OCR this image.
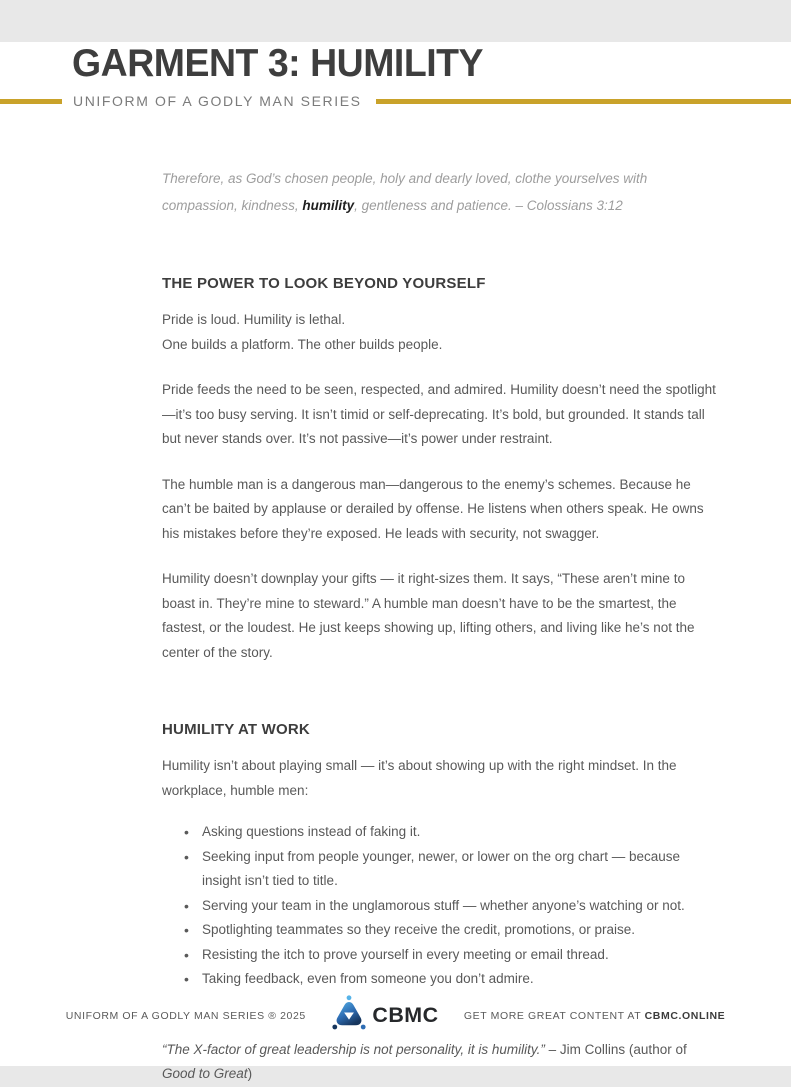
GARMENT 3: HUMILITY
UNIFORM OF A GODLY MAN SERIES
Therefore, as God’s chosen people, holy and dearly loved, clothe yourselves with compassion, kindness, humility, gentleness and patience. – Colossians 3:12
THE POWER TO LOOK BEYOND YOURSELF
Pride is loud. Humility is lethal.
One builds a platform. The other builds people.
Pride feeds the need to be seen, respected, and admired. Humility doesn’t need the spotlight—it’s too busy serving. It isn’t timid or self-deprecating. It’s bold, but grounded. It stands tall but never stands over. It’s not passive—it’s power under restraint.
The humble man is a dangerous man—dangerous to the enemy’s schemes. Because he can’t be baited by applause or derailed by offense. He listens when others speak. He owns his mistakes before they’re exposed. He leads with security, not swagger.
Humility doesn’t downplay your gifts — it right-sizes them. It says, “These aren’t mine to boast in. They’re mine to steward.” A humble man doesn’t have to be the smartest, the fastest, or the loudest. He just keeps showing up, lifting others, and living like he’s not the center of the story.
HUMILITY AT WORK
Humility isn’t about playing small — it’s about showing up with the right mindset. In the workplace, humble men:
• Asking questions instead of faking it.
• Seeking input from people younger, newer, or lower on the org chart — because insight isn’t tied to title.
• Serving your team in the unglamorous stuff — whether anyone’s watching or not.
• Spotlighting teammates so they receive the credit, promotions, or praise.
• Resisting the itch to prove yourself in every meeting or email thread.
• Taking feedback, even from someone you don’t admire.
“The X-factor of great leadership is not personality, it is humility.” – Jim Collins (author of Good to Great)
UNIFORM OF A GODLY MAN SERIES ® 2025	CBMC GET MORE GREAT CONTENT AT CBMC.ONLINE
